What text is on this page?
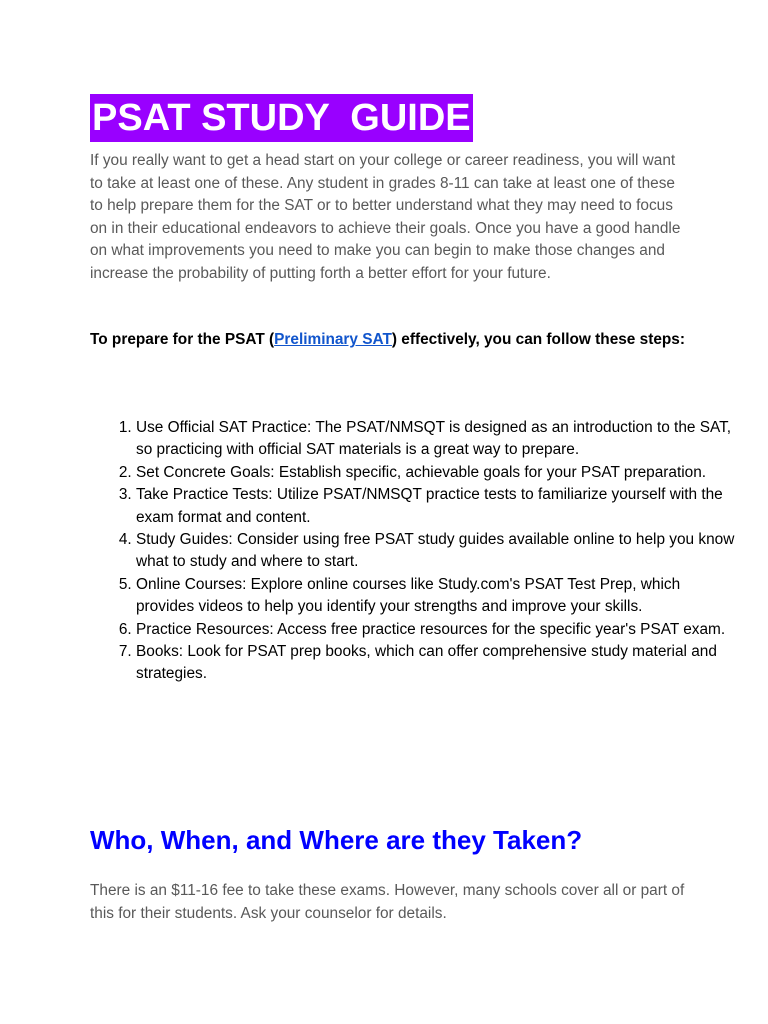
PSAT STUDY  GUIDE

If you really want to get a head start on your college or career readiness, you will want to take at least one of these. Any student in grades 8-11 can take at least one of these to help prepare them for the SAT or to better understand what they may need to focus on in their educational endeavors to achieve their goals. Once you have a good handle on what improvements you need to make you can begin to make those changes and increase the probability of putting forth a better effort for your future.

To prepare for the PSAT (Preliminary SAT) effectively, you can follow these steps:

1. Use Official SAT Practice: The PSAT/NMSQT is designed as an introduction to the SAT, so practicing with official SAT materials is a great way to prepare.
2. Set Concrete Goals: Establish specific, achievable goals for your PSAT preparation.
3. Take Practice Tests: Utilize PSAT/NMSQT practice tests to familiarize yourself with the exam format and content.
4. Study Guides: Consider using free PSAT study guides available online to help you know what to study and where to start.
5. Online Courses: Explore online courses like Study.com's PSAT Test Prep, which provides videos to help you identify your strengths and improve your skills.
6. Practice Resources: Access free practice resources for the specific year's PSAT exam.
7. Books: Look for PSAT prep books, which can offer comprehensive study material and strategies.
Who, When, and Where are they Taken?

There is an $11-16 fee to take these exams. However, many schools cover all or part of this for their students. Ask your counselor for details.
